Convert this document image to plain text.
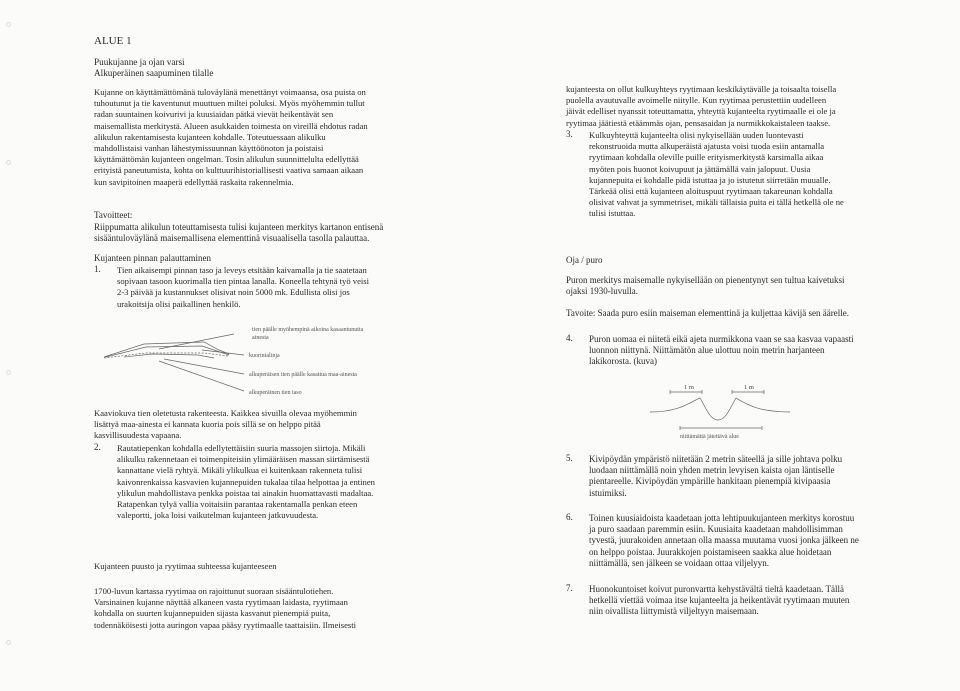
ALUE 1
Puukujanne ja ojan varsi
Alkuperäinen saapuminen tilalle
Kujanne on käyttämättömänä tuloväylänä menettänyt voimaansa, osa puista on
tuhoutunut ja tie kaventunut muuttuen miltei poluksi. Myös myöhemmin tullut
radan suuntainen koivurivi ja kuusiaidan pätkä vievät heikentävät sen
maisemallista merkitystä. Alueen asukkaiden toimesta on vireillä ehdotus radan
alikulun rakentamisesta kujanteen kohdalle. Toteutuessaan alikulku
mahdollistaisi vanhan lähestymissuunnan käyttöönoton ja poistaisi
käyttämättömän kujanteen ongelman. Tosin alikulun suunnittelulta edellyttää
erityistä paneutumista, kohta on kulttuurihistoriallisesti vaativa samaan aikaan
kun savipitoinen maaperä edellyttää raskaita rakennelmia.
Tavoitteet:
Riippumatta alikulun toteuttamisesta tulisi kujanteen merkitys kartanon entisenä
sisääntuloväylänä maisemallisena elementtinä visuaalisella tasolla palauttaa.
Kujanteen pinnan palauttaminen
1. Tien aikaisempi pinnan taso ja leveys etsitään kaivamalla ja tie saatetaan
sopivaan tasoon kuorimalla tien pintaa lanalla. Koneella tehtynä työ veisi
2-3 päivää ja kustannukset olisivat noin 5000 mk. Edullista olisi jos
urakoitsija olisi paikallinen henkilö.
tien päälle myöhempinä aikoina kasaantunutta
ainesta
kuorintalinja
alkuperäisen tien päälle kasattua maa-ainesta
alkuperäinen tien taso
Kaaviokuva tien oletetusta rakenteesta. Kaikkea sivuilla olevaa myöhemmin
lisättyä maa-ainesta ei kannata kuoria pois sillä se on helppo pitää
kasvillisuudesta vapaana.
2. Rautatiepenkan kohdalla edellytettäisiin suuria massojen siirtoja. Mikäli
alikulku rakennetaan ei toimenpiteisiin ylimääräisen massan siirtämisestä
kannattane vielä ryhtyä. Mikäli ylikulkua ei kuitenkaan rakenneta tulisi
kaivonrenkaissa kasvavien kujannepuiden tukalaa tilaa helpottaa ja entinen
ylikulun mahdollistava penkka poistaa tai ainakin huomattavasti madaltaa.
Ratapenkan tylyä vallia voitaisiin parantaa rakentamalla penkan eteen
valeportti, joka loisi vaikutelman kujanteen jatkuvuudesta.
Kujanteen puusto ja ryytimaa suhteessa kujanteeseen
1700-luvun kartassa ryytimaa on rajoittunut suoraan sisääntulotiehen.
Varsinainen kujanne näyttää alkaneen vasta ryytimaan laidasta, ryytimaan
kohdalla on suurten kujannepuiden sijasta kasvanut pienempiä puita,
todennäköisesti jotta auringon vapaa pääsy ryytimaalle taattaisiin. Ilmeisesti
kujanteesta on ollut kulkuyhteys ryytimaan keskikäytävälle ja toisaalta toisella
puolella avautuvalle avoimelle niitylle. Kun ryytimaa perustettiin uudelleen
jäivät edelliset nyanssit toteuttamatta, yhteyttä kujanteelta ryytimaalle ei ole ja
ryytimaa jäätiestä etäämmäs ojan, pensasaidan ja nurmikkokaistaleen taakse.
3. Kulkuyhteyttä kujanteelta olisi nykyisellään uuden luontevasti
rekonstruoida mutta alkuperäistä ajatusta voisi tuoda esiin antamalla
ryytimaan kohdalla oleville puille erityismerkitystä karsimalla aikaa
myöten pois huonot koivupuut ja jättämällä vain jalopuut. Uusia
kujannepuita ei kohdalle pidä istuttaa ja jo istutetut siirretään muualle.
Tärkeää olisi että kujanteen aloituspuut ryytimaan takareunan kohdalla
olisivat vahvat ja symmetriset, mikäli tällaisia puita ei tällä hetkellä ole ne
tulisi istuttaa.
Oja / puro
Puron merkitys maisemalle nykyisellään on pienentynyt sen tultua kaivetuksi
ojaksi 1930-luvulla.
Tavoite: Saada puro esiin maiseman elementtinä ja kuljettaa kävijä sen äärelle.
4. Puron uomaa ei niitetä eikä ajeta nurmikkona vaan se saa kasvaa vapaasti
luonnon niittynä. Niittämätön alue ulottuu noin metrin harjanteen
lakikorosta. (kuva)
1 m	1 m
niittämättä jätettävä alue
5. Kivipöydän ympäristö niitetään 2 metrin säteellä ja sille johtava polku
luodaan niittämällä noin yhden metrin levyisen kaista ojan läntiselle
pientareelle. Kivipöydän ympärille hankitaan pienempiä kivipaasia
istuimiksi.
6. Toinen kuusiaidoista kaadetaan jotta lehtipuukujanteen merkitys korostuu
ja puro saadaan paremmin esiin. Kuusiaita kaadetaan mahdollisimman
tyvestä, juurakoiden annetaan olla maassa muutama vuosi jonka jälkeen ne
on helppo poistaa. Juurakkojen poistamiseen saakka alue hoidetaan
niittämällä, sen jälkeen se voidaan ottaa viljelyyn.
7. Huonokuntoiset koivut puronvartta kehystävältä tieltä kaadetaan. Tällä
hetkellä viettää voimaa itse kujanteelta ja heikentävät ryytimaan muuten
niin oivallista liittymistä viljeltyyn maisemaan.
